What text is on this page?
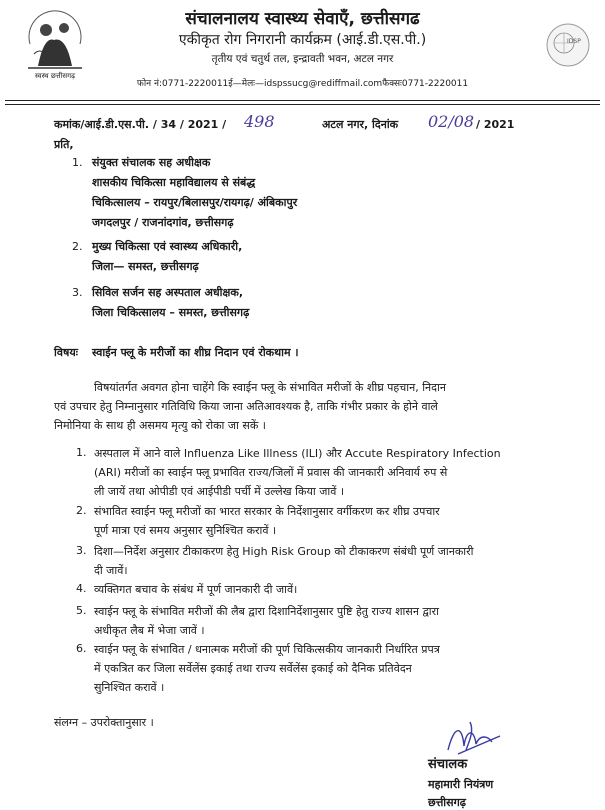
स्वस्थ छत्तीसगढ़
IDSP
संचालनालय स्वास्थ्य सेवाएँ, छत्तीसगढ
एकीकृत रोग निगरानी कार्यक्रम (आई.डी.एस.पी.)
तृतीय एवं चतुर्थ तल, इन्द्रावती भवन, अटल नगर
फोन नं:0771-2220011ई—मेलः—idspssucg@rediffmail.comफैक्सः0771-2220011
कमांक/आई.डी.एस.पी. / 34 / 2021 / 498	अटल नगर, दिनांक 02/08 / 2021
प्रति,
1. संयुक्त संचालक सह अधीक्षक
शासकीय चिकित्सा महाविद्यालय से संबंद्ध
चिकित्सालय – रायपुर/बिलासपुर/रायगढ़/ अंबिकापुर
जगदलपुर / राजनांदगांव, छत्तीसगढ़
2. मुख्य चिकित्सा एवं स्वास्थ्य अधिकारी,
जिला— समस्त, छत्तीसगढ़
3. सिविल सर्जन सह अस्पताल अधीक्षक,
जिला चिकित्सालय – समस्त, छत्तीसगढ़
विषयः स्वाईन फ्लू के मरीजों का शीघ्र निदान एवं रोकथाम ।
विषयांतर्गत अवगत होना चाहेंगे कि स्वाईन फ्लू के संभावित मरीजों के शीघ्र पहचान, निदान
एवं उपचार हेतु निम्नानुसार गतिविधि किया जाना अतिआवश्यक है, ताकि गंभीर प्रकार के होने वाले
निमोनिया के साथ ही असमय मृत्यु को रोका जा सकें ।
1. अस्पताल में आने वाले Influenza Like Illness (ILI) और Accute Respiratory Infection
(ARI) मरीजों का स्वाईन फ्लू प्रभावित राज्य/जिलों में प्रवास की जानकारी अनिवार्य रुप से
ली जायें तथा ओपीडी एवं आईपीडी पर्ची में उल्लेख किया जावें ।
2. संभावित स्वाईन फ्लू मरीजों का भारत सरकार के निर्देशानुसार वर्गीकरण कर शीघ्र उपचार
पूर्ण मात्रा एवं समय अनुसार सुनिश्चित करावें ।
3. दिशा—निर्देश अनुसार टीकाकरण हेतु High Risk Group को टीकाकरण संबंधी पूर्ण जानकारी
दी जावें।
4. व्यक्तिगत बचाव के संबंध में पूर्ण जानकारी दी जावें।
5. स्वाईन फ्लू के संभावित मरीजों की लैब द्वारा दिशानिर्देशानुसार पुष्टि हेतु राज्य शासन द्वारा
अधीकृत लैब में भेजा जावें ।
6. स्वाईन फ्लू के संभावित / धनात्मक मरीजों की पूर्ण चिकित्सकीय जानकारी निर्धारित प्रपत्र
में एकत्रित कर जिला सर्वेलेंस इकाई तथा राज्य सर्वेलेंस इकाई को दैनिक प्रतिवेदन
सुनिश्चित करावें ।
संलग्न – उपरोक्तानुसार ।
संचालक
महामारी नियंत्रण
छत्तीसगढ़
